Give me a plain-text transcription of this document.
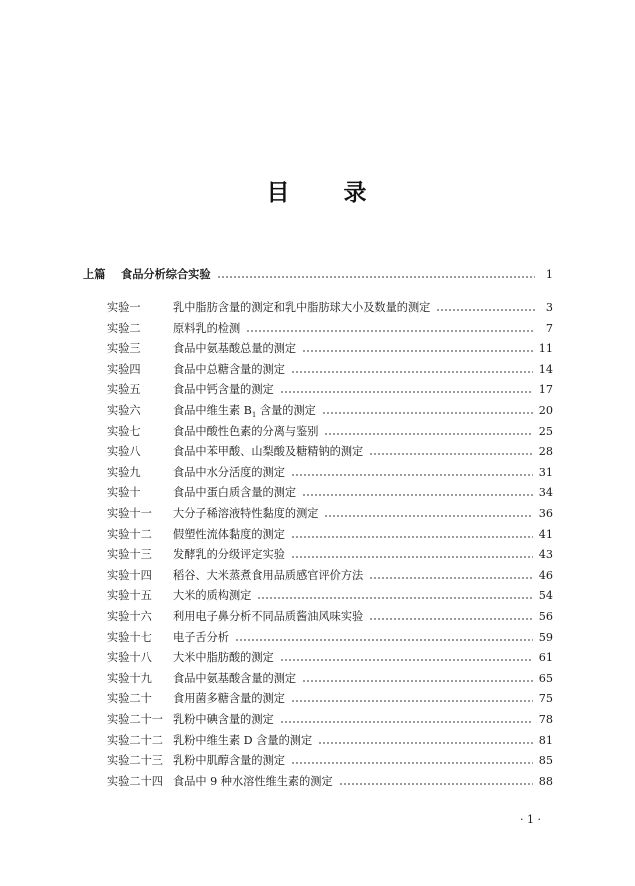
目 录
上篇	食品分析综合实验	1
实验一	乳中脂肪含量的测定和乳中脂肪球大小及数量的测定	3
实验二	原料乳的检测	7
实验三	食品中氨基酸总量的测定	11
实验四	食品中总糖含量的测定	14
实验五	食品中钙含量的测定	17
实验六	食品中维生素 $B_1$ 含量的测定	20
实验七	食品中酸性色素的分离与鉴别	25
实验八	食品中苯甲酸、山梨酸及糖精钠的测定	28
实验九	食品中水分活度的测定	31
实验十	食品中蛋白质含量的测定	34
实验十一	大分子稀溶液特性黏度的测定	36
实验十二	假塑性流体黏度的测定	41
实验十三	发酵乳的分级评定实验	43
实验十四	稻谷、大米蒸煮食用品质感官评价方法	46
实验十五	大米的质构测定	54
实验十六	利用电子鼻分析不同品质酱油风味实验	56
实验十七	电子舌分析	59
实验十八	大米中脂肪酸的测定	61
实验十九	食品中氨基酸含量的测定	65
实验二十	食用菌多糖含量的测定	75
实验二十一 乳粉中碘含量的测定	78
实验二十二 乳粉中维生素 D 含量的测定	81
实验二十三 乳粉中肌醇含量的测定	85
实验二十四 食品中 9 种水溶性维生素的测定	88
· 1 ·
